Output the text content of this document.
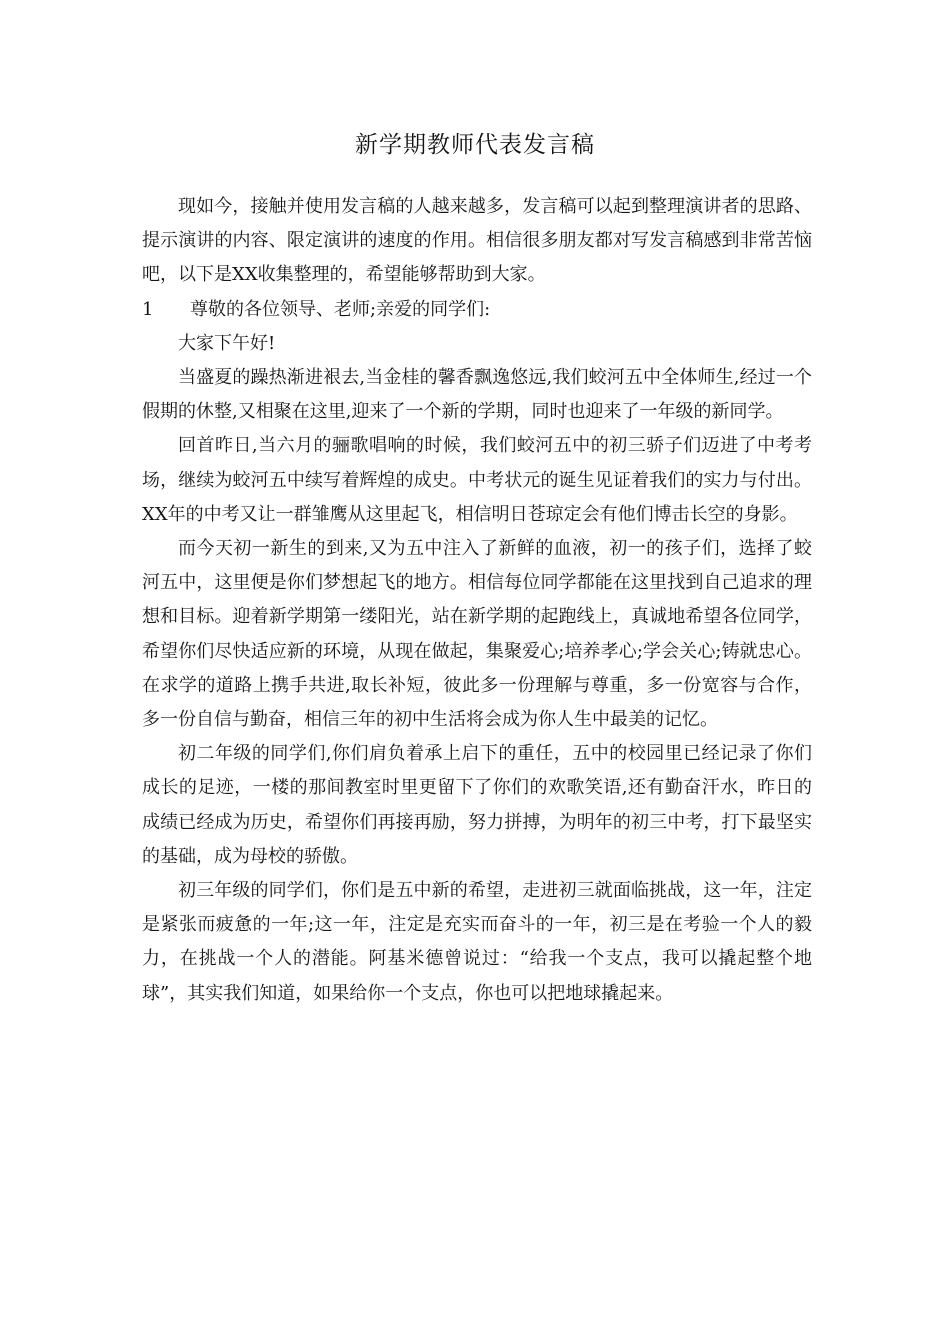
新学期教师代表发言稿

现如今，接触并使用发言稿的人越来越多，发言稿可以起到整理演讲者的思路、提示演讲的内容、限定演讲的速度的作用。相信很多朋友都对写发言稿感到非常苦恼吧，以下是XX收集整理的，希望能够帮助到大家。

1 尊敬的各位领导、老师;亲爱的同学们:

大家下午好!

当盛夏的躁热渐进裉去,当金桂的馨香飘逸悠远,我们蛟河五中全体师生,经过一个假期的休整,又相聚在这里,迎来了一个新的学期，同时也迎来了一年级的新同学。

回首昨日,当六月的骊歌唱响的时候，我们蛟河五中的初三骄子们迈进了中考考场，继续为蛟河五中续写着辉煌的成史。中考状元的诞生见证着我们的实力与付出。XX年的中考又让一群雏鹰从这里起飞，相信明日苍琼定会有他们博击长空的身影。

而今天初一新生的到来,又为五中注入了新鲜的血液，初一的孩子们，选择了蛟河五中，这里便是你们梦想起飞的地方。相信每位同学都能在这里找到自己追求的理想和目标。迎着新学期第一缕阳光，站在新学期的起跑线上，真诚地希望各位同学，希望你们尽快适应新的环境，从现在做起，集聚爱心;培养孝心;学会关心;铸就忠心。在求学的道路上携手共进,取长补短，彼此多一份理解与尊重，多一份宽容与合作，多一份自信与勤奋，相信三年的初中生活将会成为你人生中最美的记忆。

初二年级的同学们,你们肩负着承上启下的重任，五中的校园里已经记录了你们成长的足迹，一楼的那间教室时里更留下了你们的欢歌笑语,还有勤奋汗水，昨日的成绩已经成为历史，希望你们再接再励，努力拼搏，为明年的初三中考，打下最坚实的基础，成为母校的骄傲。

初三年级的同学们，你们是五中新的希望，走进初三就面临挑战，这一年，注定是紧张而疲惫的一年;这一年，注定是充实而奋斗的一年，初三是在考验一个人的毅力，在挑战一个人的潜能。阿基米德曾说过：“给我一个支点，我可以撬起整个地球”，其实我们知道，如果给你一个支点，你也可以把地球撬起来。
